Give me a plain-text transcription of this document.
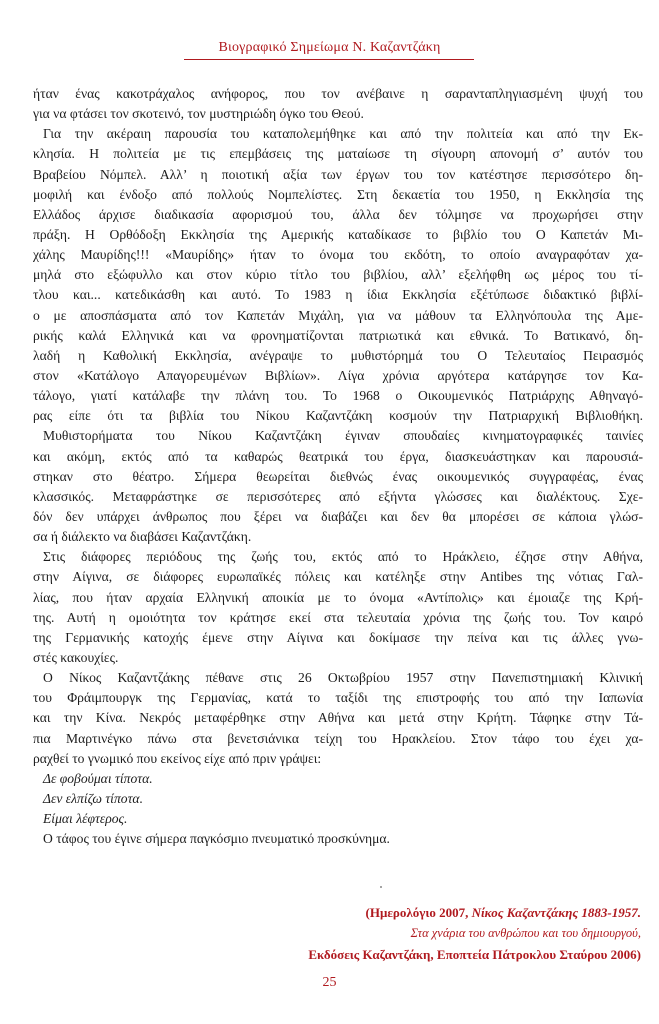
Βιογραφικό Σημείωμα Ν. Καζαντζάκη
ήταν ένας κακοτράχαλος ανήφορος, που τον ανέβαινε η σαρανταπληγιασμένη ψυχή του
για να φτάσει τον σκοτεινό, τον μυστηριώδη όγκο του Θεού.
Για την ακέραιη παρουσία του καταπολεμήθηκε και από την πολιτεία και από την Εκ-
κλησία. Η πολιτεία με τις επεμβάσεις της ματαίωσε τη σίγουρη απονομή σ’ αυτόν του
Βραβείου Νόμπελ. Αλλ’ η ποιοτική αξία των έργων του τον κατέστησε περισσότερο δη-
μοφιλή και ένδοξο από πολλούς Νομπελίστες. Στη δεκαετία του 1950, η Εκκλησία της
Ελλάδος άρχισε διαδικασία αφορισμού του, άλλα δεν τόλμησε να προχωρήσει στην
πράξη. Η Ορθόδοξη Εκκλησία της Αμερικής καταδίκασε το βιβλίο του Ο Καπετάν Μι-
χάλης Μαυρίδης!!! «Μαυρίδης» ήταν το όνομα του εκδότη, το οποίο αναγραφόταν χα-
μηλά στο εξώφυλλο και στον κύριο τίτλο του βιβλίου, αλλ’ εξελήφθη ως μέρος του τί-
τλου και... κατεδικάσθη και αυτό. Το 1983 η ίδια Εκκλησία εξέτύπωσε διδακτικό βιβλί-
ο με αποσπάσματα από τον Καπετάν Μιχάλη, για να μάθουν τα Ελληνόπουλα της Αμε-
ρικής καλά Ελληνικά και να φρονηματίζονται πατριωτικά και εθνικά. Το Βατικανό, δη-
λαδή η Καθολική Εκκλησία, ανέγραψε το μυθιστόρημά του Ο Τελευταίος Πειρασμός
στον «Κατάλογο Απαγορευμένων Βιβλίων». Λίγα χρόνια αργότερα κατάργησε τον Κα-
τάλογο, γιατί κατάλαβε την πλάνη του. Το 1968 ο Οικουμενικός Πατριάρχης Αθηναγό-
ρας είπε ότι τα βιβλία του Νίκου Καζαντζάκη κοσμούν την Πατριαρχική Βιβλιοθήκη.
Μυθιστορήματα του Νίκου Καζαντζάκη έγιναν σπουδαίες κινηματογραφικές ταινίες
και ακόμη, εκτός από τα καθαρώς θεατρικά του έργα, διασκευάστηκαν και παρουσιά-
στηκαν στο θέατρο. Σήμερα θεωρείται διεθνώς ένας οικουμενικός συγγραφέας, ένας
κλασσικός. Μεταφράστηκε σε περισσότερες από εξήντα γλώσσες και διαλέκτους. Σχε-
δόν δεν υπάρχει άνθρωπος που ξέρει να διαβάζει και δεν θα μπορέσει σε κάποια γλώσ-
σα ή διάλεκτο να διαβάσει Καζαντζάκη.
Στις διάφορες περιόδους της ζωής του, εκτός από το Ηράκλειο, έζησε στην Αθήνα,
στην Αίγινα, σε διάφορες ευρωπαϊκές πόλεις και κατέληξε στην Antibes της νότιας Γαλ-
λίας, που ήταν αρχαία Ελληνική αποικία με το όνομα «Αντίπολις» και έμοιαζε της Κρή-
της. Αυτή η ομοιότητα τον κράτησε εκεί στα τελευταία χρόνια της ζωής του. Τον καιρό
της Γερμανικής κατοχής έμενε στην Αίγινα και δοκίμασε την πείνα και τις άλλες γνω-
στές κακουχίες.
Ο Νίκος Καζαντζάκης πέθανε στις 26 Οκτωβρίου 1957 στην Πανεπιστημιακή Κλινική
του Φράιμπουργκ της Γερμανίας, κατά το ταξίδι της επιστροφής του από την Ιαπωνία
και την Κίνα. Νεκρός μεταφέρθηκε στην Αθήνα και μετά στην Κρήτη. Τάφηκε στην Τά-
πια Μαρτινέγκο πάνω στα βενετσιάνικα τείχη του Ηρακλείου. Στον τάφο του έχει χα-
ραχθεί το γνωμικό που εκείνος είχε από πριν γράψει:
Δε φοβούμαι τίποτα.
Δεν ελπίζω τίποτα.
Είμαι λέφτερος.
Ο τάφος του έγινε σήμερα παγκόσμιο πνευματικό προσκύνημα.
(Ημερολόγιο 2007, Νίκος Καζαντζάκης 1883-1957.
Στα χνάρια του ανθρώπου και του δημιουργού,
Εκδόσεις Καζαντζάκη, Εποπτεία Πάτροκλου Σταύρου 2006)
25
